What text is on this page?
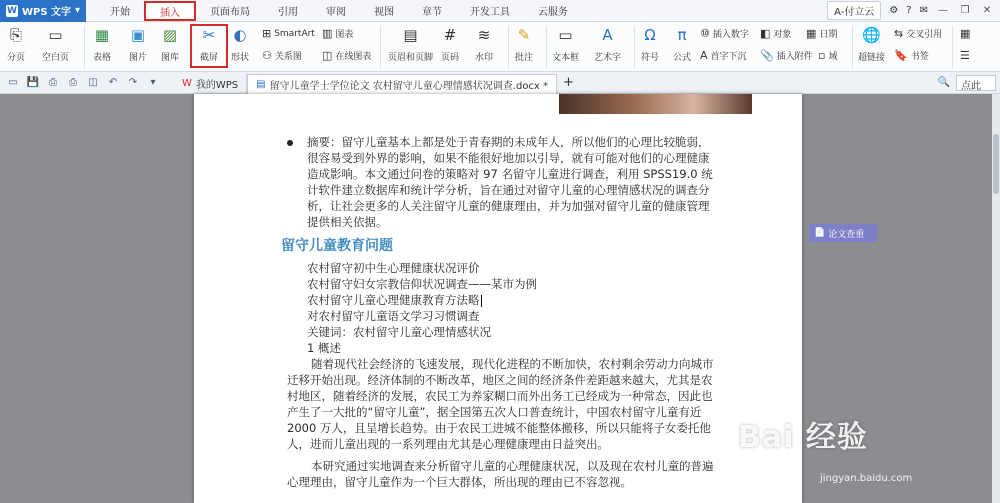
W WPS 文字 ▾	开始	插入	页面布局	引用	审阅	视图	章节	开发工具	云服务	A-付立云	⚙ ? ✉ — ❐ ✕
⎘
分页
▭
空白页
▦
表格
▣
图片
▨
图库
✂
截屏
◐
形状
⊞ SmartArt ▥ 图表
⚇ 关系图 ◫ 在线图表
▤
页眉和页脚
#
页码
≋
水印
✎
批注
▭
文本框
A
艺术字
Ω
符号
π
公式
⑩ 插入数字 ◧ 对象 ▦ 日期
A 首字下沉 📎 插入附件 ▫ 域
🌐
超链接
⇆ 交叉引用
🔖 书签
▦
☰
▭ 💾 ⎙	⎙	◫ ↶ ↷	▾	W 我的WPS ▤ 留守儿童学士学位论文 农村留守儿童心理情感状况调查.docx * +	🔍	点此
摘要：留守儿童基本上都是处于青春期的未成年人，所以他们的心理比较脆弱，很容易受到外界的影响，如果不能很好地加以引导，就有可能对他们的心理健康造成影响。本文通过问卷的策略对 97 名留守儿童进行调查，利用 SPSS19.0 统计软件建立数据库和统计学分析，旨在通过对留守儿童的心理情感状况的调查分析，让社会更多的人关注留守儿童的健康理由，并为加强对留守儿童的健康管理提供相关依据。
留守儿童教育问题
农村留守初中生心理健康状况评价
农村留守妇女宗教信仰状况调查——某市为例
农村留守儿童心理健康教育方法略
对农村留守儿童语文学习习惯调查
关键词：农村留守儿童心理情感状况
1 概述
随着现代社会经济的飞速发展，现代化进程的不断加快，农村剩余劳动力向城市迁移开始出现。经济体制的不断改革，地区之间的经济条件差距越来越大，尤其是农村地区，随着经济的发展，农民工为养家糊口而外出务工已经成为一种常态，因此也产生了一大批的“留守儿童”，据全国第五次人口普查统计，中国农村留守儿童有近 2000 万人，且呈增长趋势。由于农民工进城不能整体搬移，所以只能将子女委托他人，进而儿童出现的一系列理由尤其是心理健康理由日益突出。
本研究通过实地调查来分析留守儿童的心理健康状况，以及现在农村儿童的普遍心理理由，留守儿童作为一个巨大群体，所出现的理由已不容忽视。
📄 论文查重
Bai 经验
jingyan.baidu.com
